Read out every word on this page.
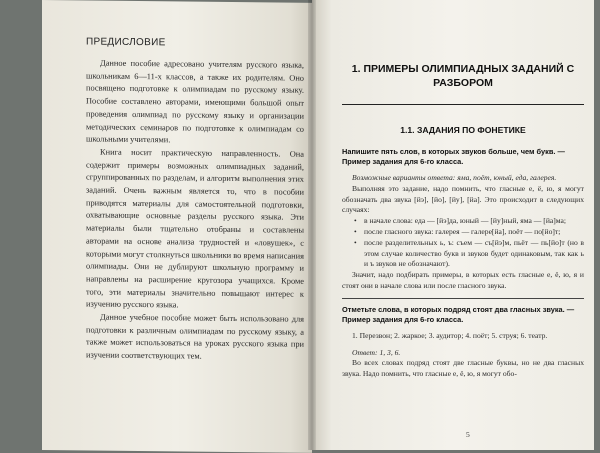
ПРЕДИСЛОВИЕ

Данное пособие адресовано учителям русского языка, школьникам 6—11-х классов, а также их родителям. Оно посвящено подготовке к олимпиадам по русскому языку. Пособие составлено авторами, имеющими большой опыт проведения олимпиад по русскому языку и организации методических семинаров по подготовке к олимпиадам со школьными учителями.

Книга носит практическую направленность. Она содержит примеры возможных олимпиадных заданий, сгруппированных по разделам, и алгоритм выполнения этих заданий. Очень важным является то, что в пособии приводятся материалы для самостоятельной подготовки, охватывающие основные разделы русского языка. Эти материалы были тщательно отобраны и составлены авторами на основе анализа трудностей и «ловушек», с которыми могут столкнуться школьники во время написания олимпиады. Они не дублируют школьную программу и направлены на расширение кругозора учащихся. Кроме того, эти материалы значительно повышают интерес к изучению русского языка.

Данное учебное пособие может быть использовано для подготовки к различным олимпиадам по русскому языку, а также может использоваться на уроках русского языка при изучении соответствующих тем.

1. ПРИМЕРЫ ОЛИМПИАДНЫХ ЗАДАНИЙ С РАЗБОРОМ
1.1. ЗАДАНИЯ ПО ФОНЕТИКЕ
Напишите пять слов, в которых звуков больше, чем букв. — Пример задания для 6-го класса.

Возможные варианты ответа: яма, поёт, юный, еда, галерея.

Выполняя это задание, надо помнить, что гласные е, ё, ю, я могут обозначать два звука [йэ], [йо], [йу], [йа]. Это происходит в следующих случаях:

• в начале слова: еда — [йэ]да, юный — [йу]ный, яма — [йа]ма;
• после гласного звука: галерея — галере[йа], поёт — по[йо]т;
• после разделительных ь, ъ: съем — съ[йэ]м, пьёт — пь[йо]т (но в этом случае количество букв и звуков будет одинаковым, так как ь и ъ звуков не обозначают).

Значит, надо подбирать примеры, в которых есть гласные е, ё, ю, я и стоят они в начале слова или после гласного звука.

Отметьте слова, в которых подряд стоят два гласных звука. — Пример задания для 6-го класса.
1. Перезвон; 2. жаркое; 3. аудитор; 4. поёт; 5. струя; 6. театр.

Ответ: 1, 3, 6.

Во всех словах подряд стоят две гласные буквы, но не два гласных звука. Надо помнить, что гласные е, ё, ю, я могут обо-

5
